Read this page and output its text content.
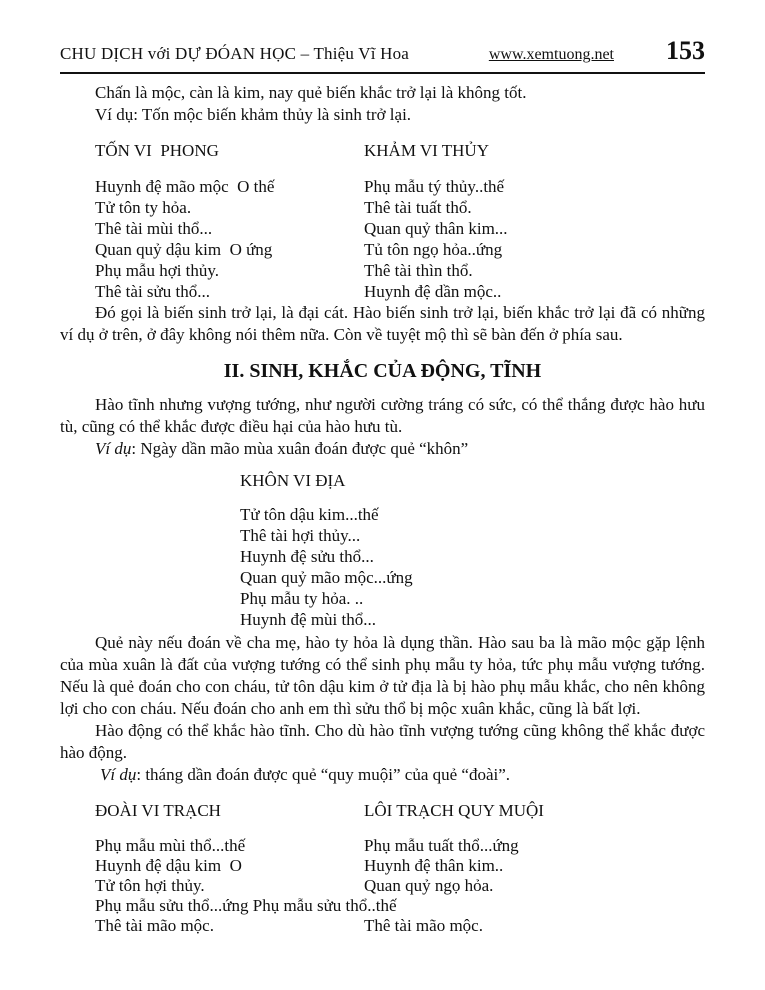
CHU DỊCH với DỰ ĐÓAN HỌC – Thiệu Vĩ Hoa	www.xemtuong.net 153
Chấn là mộc, càn là kim, nay quẻ biến khắc trở lại là không tốt.
Ví dụ: Tốn mộc biến khảm thủy là sinh trở lại.
TỐN VI  PHONG	KHẢM VI THỦY
Huynh đệ mão mộc  O thế	Phụ mẫu tý thủy..thế
Tử tôn ty hỏa.	Thê tài tuất thổ.
Thê tài mùi thổ...	Quan quỷ thân kim...
Quan quỷ dậu kim  O ứng	Tủ tôn ngọ hỏa..ứng
Phụ mẫu hợi thủy.	Thê tài thìn thổ.
Thê tài sửu thổ...	Huynh đệ dần mộc..

Đó gọi là biến sinh trở lại, là đại cát. Hào biến sinh trở lại, biến khắc trở lại đã có những ví dụ ở trên, ở đây không nói thêm nữa. Còn về tuyệt mộ thì sẽ bàn đến ở phía sau.

II. SINH, KHẮC CỦA ĐỘNG, TĨNH

Hào tĩnh nhưng vượng tướng, như người cường tráng có sức, có thể thắng được hào hưu tù, cũng có thể khắc được điều hại của hào hưu tù.

Ví dụ: Ngày dần mão mùa xuân đoán được quẻ “khôn”
KHÔN VI ĐỊA
Tử tôn dậu kim...thế
Thê tài hợi thủy...
Huynh đệ sửu thổ...
Quan quỷ mão mộc...ứng
Phụ mẫu ty hỏa. ..
Huynh đệ mùi thổ...

Quẻ này nếu đoán về cha mẹ, hào ty hỏa là dụng thần. Hào sau ba là mão mộc gặp lệnh của mùa xuân là đất của vượng tướng có thể sinh phụ mẫu ty hỏa, tức phụ mẫu vượng tướng. Nếu là quẻ đoán cho con cháu, tử tôn dậu kim ở tử địa là bị hào phụ mẫu khắc, cho nên không lợi cho con cháu. Nếu đoán cho anh em thì sửu thổ bị mộc xuân khắc, cũng là bất lợi.

Hào động có thể khắc hào tĩnh. Cho dù hào tĩnh vượng tướng cũng không thể khắc được hào động.

Ví dụ: tháng dần đoán được quẻ “quy muội” của quẻ “đoài”.
ĐOÀI VI TRẠCH	LÔI TRẠCH QUY MUỘI
Phụ mẫu mùi thổ...thế	Phụ mẫu tuất thổ...ứng
Huynh đệ dậu kim  O	Huynh đệ thân kim..
Tử tôn hợi thủy.	Quan quỷ ngọ hỏa.
Phụ mẫu sửu thổ...ứng Phụ mẫu sửu thổ..thế
Thê tài mão mộc.	Thê tài mão mộc.
